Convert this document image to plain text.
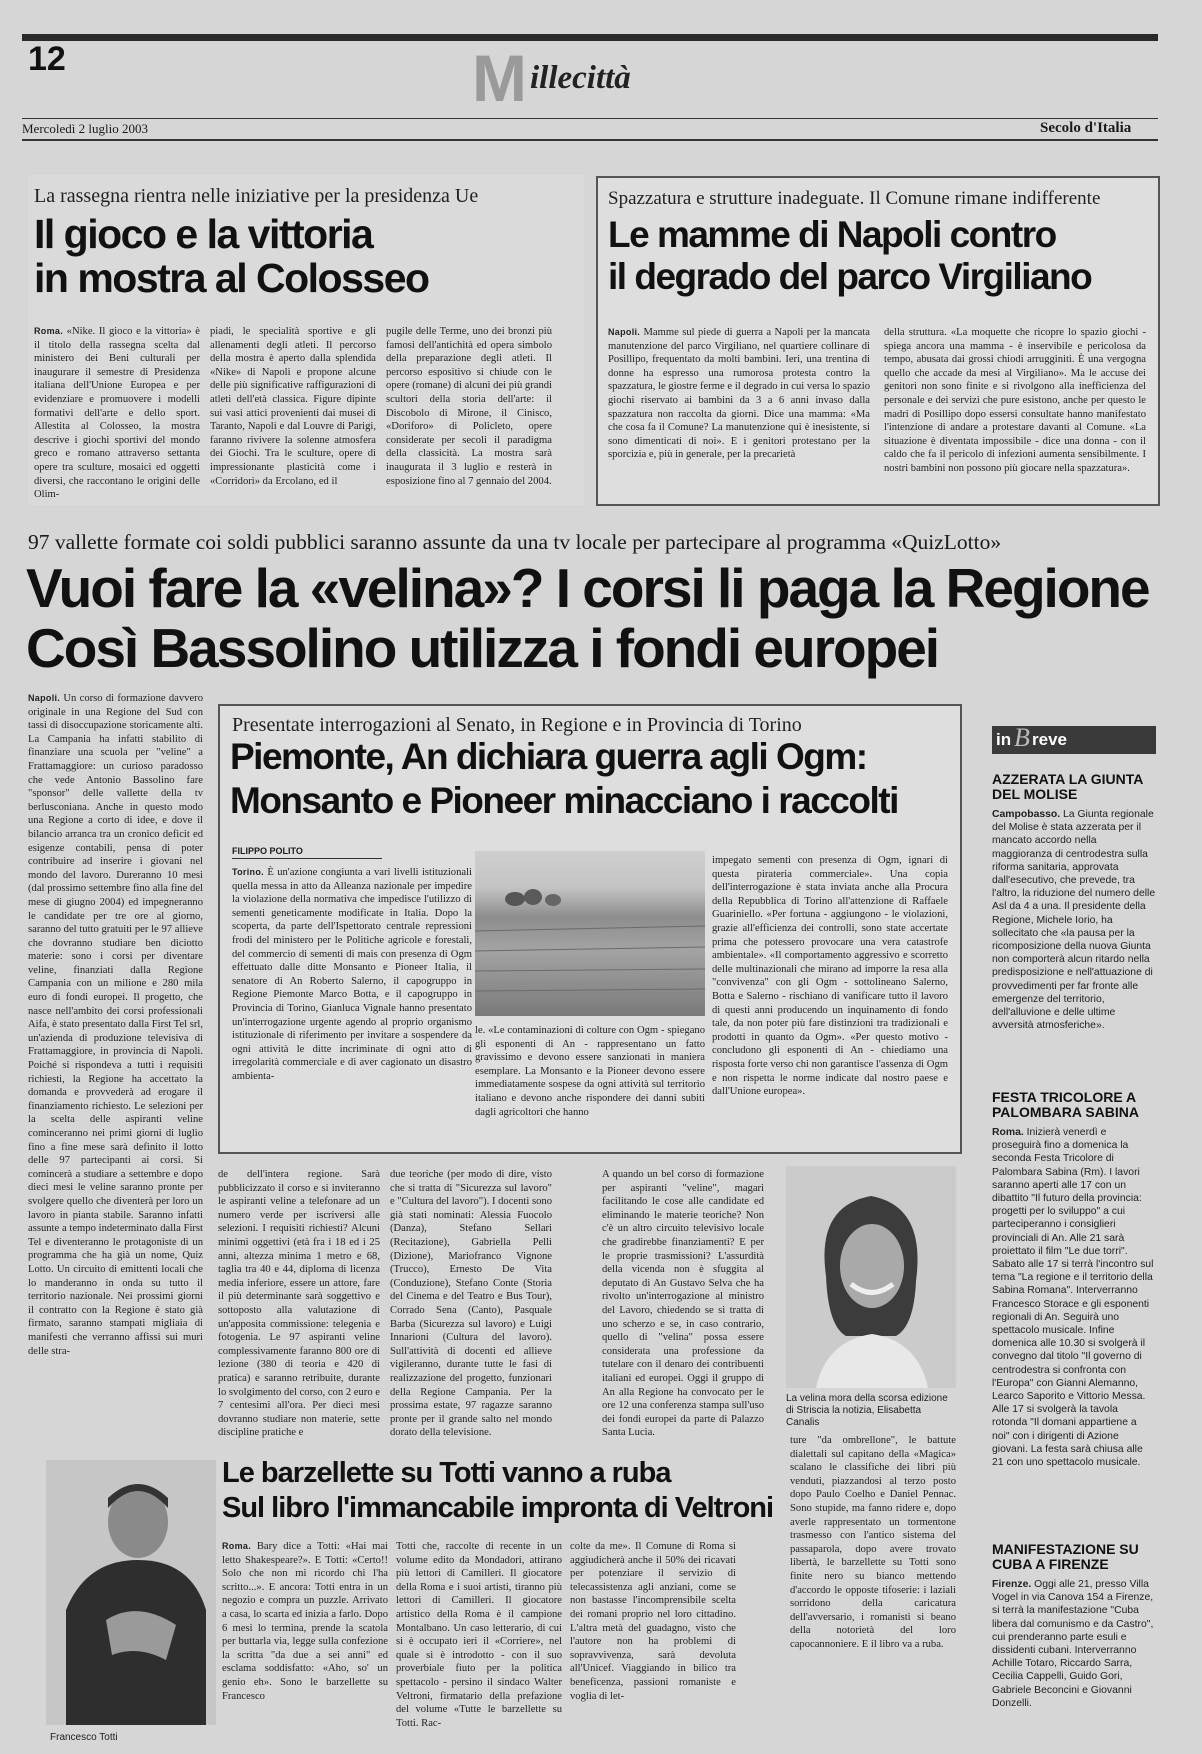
12	M illecittà
Mercoledì 2 luglio 2003	Secolo d'Italia
La rassegna rientra nelle iniziative per la presidenza Ue
Il gioco e la vittoria
in mostra al Colosseo
Roma. «Nike. Il gioco e la vittoria» è il titolo della rassegna scelta dal ministero dei Beni culturali per inaugurare il semestre di Presidenza italiana dell'Unione Europea e per evidenziare e promuovere i modelli formativi dell'arte e dello sport. Allestita al Colosseo, la mostra descrive i giochi sportivi del mondo greco e romano attraverso settanta opere tra sculture, mosaici ed oggetti diversi, che raccontano le origini delle Olim-
piadi, le specialità sportive e gli allenamenti degli atleti. Il percorso della mostra è aperto dalla splendida «Nike» di Napoli e propone alcune delle più significative raffigurazioni di atleti dell'età classica. Figure dipinte sui vasi attici provenienti dai musei di Taranto, Napoli e dal Louvre di Parigi, faranno rivivere la solenne atmosfera dei Giochi. Tra le sculture, opere di impressionante plasticità come i «Corridori» da Ercolano, ed il
pugile delle Terme, uno dei bronzi più famosi dell'antichità ed opera simbolo della preparazione degli atleti. Il percorso espositivo si chiude con le opere (romane) di alcuni dei più grandi scultori della storia dell'arte: il Discobolo di Mirone, il Cinisco, «Doriforo» di Policleto, opere considerate per secoli il paradigma della classicità. La mostra sarà inaugurata il 3 luglio e resterà in esposizione fino al 7 gennaio del 2004.
Spazzatura e strutture inadeguate. Il Comune rimane indifferente
Le mamme di Napoli contro
il degrado del parco Virgiliano
Napoli. Mamme sul piede di guerra a Napoli per la mancata manutenzione del parco Virgiliano, nel quartiere collinare di Posillipo, frequentato da molti bambini. Ieri, una trentina di donne ha espresso una rumorosa protesta contro la spazzatura, le giostre ferme e il degrado in cui versa lo spazio giochi riservato ai bambini da 3 a 6 anni invaso dalla spazzatura non raccolta da giorni. Dice una mamma: «Ma che cosa fa il Comune? La manutenzione qui è inesistente, si sono dimenticati di noi». E i genitori protestano per la sporcizia e, più in generale, per la precarietà
della struttura. «La moquette che ricopre lo spazio giochi - spiega ancora una mamma - è inservibile e pericolosa da tempo, abusata dai grossi chiodi arrugginiti. È una vergogna quello che accade da mesi al Virgiliano». Ma le accuse dei genitori non sono finite e si rivolgono alla inefficienza del personale e dei servizi che pure esistono, anche per questo le madri di Posillipo dopo essersi consultate hanno manifestato l'intenzione di andare a protestare davanti al Comune. «La situazione è diventata impossibile - dice una donna - con il caldo che fa il pericolo di infezioni aumenta sensibilmente. I nostri bambini non possono più giocare nella spazzatura».
97 vallette formate coi soldi pubblici saranno assunte da una tv locale per partecipare al programma «QuizLotto»
Vuoi fare la «velina»? I corsi li paga la Regione
Così Bassolino utilizza i fondi europei
Napoli. Un corso di formazione davvero originale in una Regione del Sud con tassi di disoccupazione storicamente alti. La Campania ha infatti stabilito di finanziare una scuola per "veline" a Frattamaggiore: un curioso paradosso che vede Antonio Bassolino fare "sponsor" delle vallette della tv berlusconiana. Anche in questo modo una Regione a corto di idee, e dove il bilancio arranca tra un cronico deficit ed esigenze contabili, pensa di poter contribuire ad inserire i giovani nel mondo del lavoro. Dureranno 10 mesi (dal prossimo settembre fino alla fine del mese di giugno 2004) ed impegneranno le candidate per tre ore al giorno, saranno del tutto gratuiti per le 97 allieve che dovranno studiare ben diciotto materie: sono i corsi per diventare veline, finanziati dalla Regione Campania con un milione e 280 mila euro di fondi europei. Il progetto, che nasce nell'ambito dei corsi professionali Aifa, è stato presentato dalla First Tel srl, un'azienda di produzione televisiva di Frattamaggiore, in provincia di Napoli. Poiché si rispondeva a tutti i requisiti richiesti, la Regione ha accettato la domanda e provvederà ad erogare il finanziamento richiesto. Le selezioni per la scelta delle aspiranti veline cominceranno nei primi giorni di luglio fino a fine mese sarà definito il lotto delle 97 partecipanti ai corsi. Si comincerà a studiare a settembre e dopo dieci mesi le veline saranno pronte per svolgere quello che diventerà per loro un lavoro in pianta stabile. Saranno infatti assunte a tempo indeterminato dalla First Tel e diventeranno le protagoniste di un programma che ha già un nome, Quiz Lotto. Un circuito di emittenti locali che lo manderanno in onda su tutto il territorio nazionale. Nei prossimi giorni il contratto con la Regione è stato già firmato, saranno stampati migliaia di manifesti che verranno affissi sui muri delle stra-
Presentate interrogazioni al Senato, in Regione e in Provincia di Torino
Piemonte, An dichiara guerra agli Ogm:
Monsanto e Pioneer minacciano i raccolti
FILIPPO POLITO
Torino. È un'azione congiunta a vari livelli istituzionali quella messa in atto da Alleanza nazionale per impedire la violazione della normativa che impedisce l'utilizzo di sementi geneticamente modificate in Italia. Dopo la scoperta, da parte dell'Ispettorato centrale repressioni frodi del ministero per le Politiche agricole e forestali, del commercio di sementi di mais con presenza di Ogm effettuato dalle ditte Monsanto e Pioneer Italia, il senatore di An Roberto Salerno, il capogruppo in Regione Piemonte Marco Botta, e il capogruppo in Provincia di Torino, Gianluca Vignale hanno presentato un'interrogazione urgente agendo al proprio organismo istituzionale di riferimento per invitare a sospendere da ogni attività le ditte incriminate di ogni atto di irregolarità commerciale e di aver cagionato un disastro ambienta-
le. «Le contaminazioni di colture con Ogm - spiegano gli esponenti di An - rappresentano un fatto gravissimo e devono essere sanzionati in maniera esemplare. La Monsanto e la Pioneer devono essere immediatamente sospese da ogni attività sul territorio italiano e devono anche rispondere dei danni subiti dagli agricoltori che hanno
impegato sementi con presenza di Ogm, ignari di questa pirateria commerciale». Una copia dell'interrogazione è stata inviata anche alla Procura della Repubblica di Torino all'attenzione di Raffaele Guariniello. «Per fortuna - aggiungono - le violazioni, grazie all'efficienza dei controlli, sono state accertate prima che potessero provocare una vera catastrofe ambientale». «Il comportamento aggressivo e scorretto delle multinazionali che mirano ad imporre la resa alla "convivenza" con gli Ogm - sottolineano Salerno, Botta e Salerno - rischiano di vanificare tutto il lavoro di questi anni producendo un inquinamento di fondo tale, da non poter più fare distinzioni tra tradizionali e prodotti in quanto da Ogm». «Per questo motivo - concludono gli esponenti di An - chiediamo una risposta forte verso chi non garantisce l'assenza di Ogm e non rispetta le norme indicate dal nostro paese e dall'Unione europea».
de dell'intera regione. Sarà pubblicizzato il corso e si inviteranno le aspiranti veline a telefonare ad un numero verde per iscriversi alle selezioni. I requisiti richiesti? Alcuni minimi oggettivi (età fra i 18 ed i 25 anni, altezza minima 1 metro e 68, taglia tra 40 e 44, diploma di licenza media inferiore, essere un attore, fare il più determinante sarà soggettivo e sottoposto alla valutazione di un'apposita commissione: telegenia e fotogenia. Le 97 aspiranti veline complessivamente faranno 800 ore di lezione (380 di teoria e 420 di pratica) e saranno retribuite, durante lo svolgimento del corso, con 2 euro e 7 centesimi all'ora. Per dieci mesi dovranno studiare non materie, sette discipline pratiche e
due teoriche (per modo di dire, visto che si tratta di "Sicurezza sul lavoro" e "Cultura del lavoro"). I docenti sono già stati nominati: Alessia Fuocolo (Danza), Stefano Sellari (Recitazione), Gabriella Pelli (Dizione), Mariofranco Vignone (Trucco), Ernesto De Vita (Conduzione), Stefano Conte (Storia del Cinema e del Teatro e Bus Tour), Corrado Sena (Canto), Pasquale Barba (Sicurezza sul lavoro) e Luigi Innarioni (Cultura del lavoro). Sull'attività di docenti ed allieve vigileranno, durante tutte le fasi di realizzazione del progetto, funzionari della Regione Campania. Per la prossima estate, 97 ragazze saranno pronte per il grande salto nel mondo dorato della televisione.
A quando un bel corso di formazione per aspiranti "veline", magari facilitando le cose alle candidate ed eliminando le materie teoriche? Non c'è un altro circuito televisivo locale che gradirebbe finanziamenti? E per le proprie trasmissioni? L'assurdità della vicenda non è sfuggita al deputato di An Gustavo Selva che ha rivolto un'interrogazione al ministro del Lavoro, chiedendo se si tratta di uno scherzo e se, in caso contrario, quello di "velina" possa essere considerata una professione da tutelare con il denaro dei contribuenti italiani ed europei. Oggi il gruppo di An alla Regione ha convocato per le ore 12 una conferenza stampa sull'uso dei fondi europei da parte di Palazzo Santa Lucia.
La velina mora della scorsa edizione di Striscia la notizia, Elisabetta Canalis
Francesco Totti
Le barzellette su Totti vanno a ruba
Sul libro l'immancabile impronta di Veltroni
Roma. Bary dice a Totti: «Hai mai letto Shakespeare?». E Totti: «Certo!! Solo che non mi ricordo chi l'ha scritto...». E ancora: Totti entra in un negozio e compra un puzzle. Arrivato a casa, lo scarta ed inizia a farlo. Dopo 6 mesi lo termina, prende la scatola per buttarla via, legge sulla confezione la scritta "da due a sei anni" ed esclama soddisfatto: «Aho, so' un genio eh». Sono le barzellette su Francesco
Totti che, raccolte di recente in un volume edito da Mondadori, attirano più lettori di Camilleri. Il giocatore della Roma e i suoi artisti, tiranno più lettori di Camilleri. Il giocatore artistico della Roma è il campione Montalbano. Un caso letterario, di cui si è occupato ieri il «Corriere», nel quale si è introdotto - con il suo proverbiale fiuto per la politica spettacolo - persino il sindaco Walter Veltroni, firmatario della prefazione del volume «Tutte le barzellette su Totti. Rac-
colte da me». Il Comune di Roma si aggiudicherà anche il 50% dei ricavati per potenziare il servizio di telecassistenza agli anziani, come se non bastasse l'incomprensibile scelta dei romani proprio nel loro cittadino. L'altra metà del guadagno, visto che l'autore non ha problemi di sopravvivenza, sarà devoluta all'Unicef. Viaggiando in bilico tra beneficenza, passioni romaniste e voglia di let-
ture "da ombrellone", le battute dialettali sul capitano della «Magica» scalano le classifiche dei libri più venduti, piazzandosi al terzo posto dopo Paulo Coelho e Daniel Pennac. Sono stupide, ma fanno ridere e, dopo averle rappresentato un tormentone trasmesso con l'antico sistema del passaparola, dopo avere trovato libertà, le barzellette su Totti sono finite nero su bianco mettendo d'accordo le opposte tifoserie: i laziali sorridono della caricatura dell'avversario, i romanisti si beano della notorietà del loro capocannoniere. E il libro va a ruba.
in B reve
AZZERATA LA GIUNTA DEL MOLISE
Campobasso. La Giunta regionale del Molise è stata azzerata per il mancato accordo nella maggioranza di centrodestra sulla riforma sanitaria, approvata dall'esecutivo, che prevede, tra l'altro, la riduzione del numero delle Asl da 4 a una. Il presidente della Regione, Michele Iorio, ha sollecitato che «la pausa per la ricomposizione della nuova Giunta non comporterà alcun ritardo nella predisposizione e nell'attuazione di provvedimenti per far fronte alle emergenze del territorio, dell'alluvione e delle ultime avversità atmosferiche».
FESTA TRICOLORE A PALOMBARA SABINA
Roma. Inizierà venerdì e proseguirà fino a domenica la seconda Festa Tricolore di Palombara Sabina (Rm). I lavori saranno aperti alle 17 con un dibattito "Il futuro della provincia: progetti per lo sviluppo" a cui parteciperanno i consiglieri provinciali di An. Alle 21 sarà proiettato il film "Le due torri". Sabato alle 17 si terrà l'incontro sul tema "La regione e il territorio della Sabina Romana". Interverranno Francesco Storace e gli esponenti regionali di An. Seguirà uno spettacolo musicale. Infine domenica alle 10.30 si svolgerà il convegno dal titolo "Il governo di centrodestra si confronta con l'Europa" con Gianni Alemanno, Learco Saporito e Vittorio Messa. Alle 17 si svolgerà la tavola rotonda "Il domani appartiene a noi" con i dirigenti di Azione giovani. La festa sarà chiusa alle 21 con uno spettacolo musicale.
MANIFESTAZIONE SU CUBA A FIRENZE
Firenze. Oggi alle 21, presso Villa Vogel in via Canova 154 a Firenze, si terrà la manifestazione "Cuba libera dal comunismo e da Castro", cui prenderanno parte esuli e dissidenti cubani. Interverranno Achille Totaro, Riccardo Sarra, Cecilia Cappelli, Guido Gori, Gabriele Beconcini e Giovanni Donzelli.
